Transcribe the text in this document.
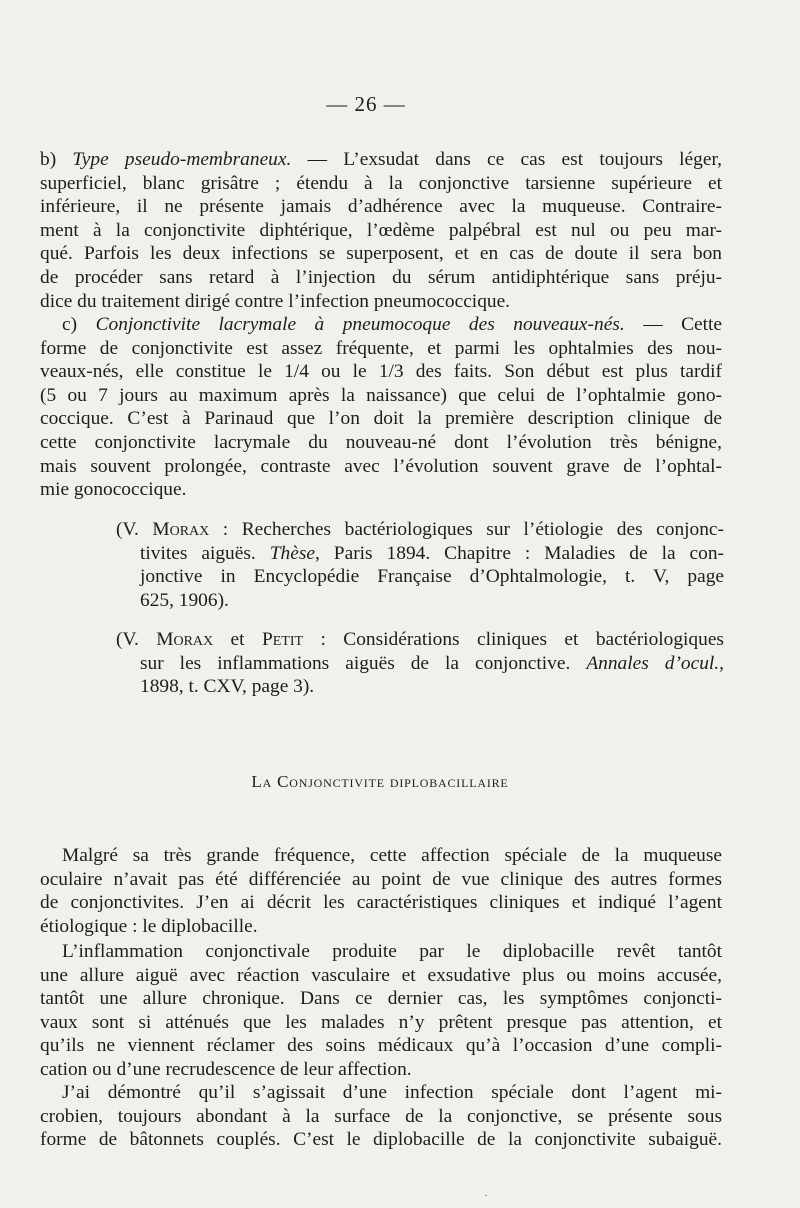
— 26 —
b) Type pseudo-membraneux. — L’exsudat dans ce cas est toujours léger,
superficiel, blanc grisâtre ; étendu à la conjonctive tarsienne supérieure et
inférieure, il ne présente jamais d’adhérence avec la muqueuse. Contraire-
ment à la conjonctivite diphtérique, l’œdème palpébral est nul ou peu mar-
qué. Parfois les deux infections se superposent, et en cas de doute il sera bon
de procéder sans retard à l’injection du sérum antidiphtérique sans préju-
dice du traitement dirigé contre l’infection pneumococcique.
c) Conjonctivite lacrymale à pneumocoque des nouveaux-nés. — Cette
forme de conjonctivite est assez fréquente, et parmi les ophtalmies des nou-
veaux-nés, elle constitue le 1/4 ou le 1/3 des faits. Son début est plus tardif
(5 ou 7 jours au maximum après la naissance) que celui de l’ophtalmie gono-
coccique. C’est à Parinaud que l’on doit la première description clinique de
cette conjonctivite lacrymale du nouveau-né dont l’évolution très bénigne,
mais souvent prolongée, contraste avec l’évolution souvent grave de l’ophtal-
mie gonococcique.
(V. Morax : Recherches bactériologiques sur l’étiologie des conjonc-
tivites aiguës. Thèse, Paris 1894. Chapitre : Maladies de la con-
jonctive in Encyclopédie Française d’Ophtalmologie, t. V, page
625, 1906).
(V. Morax et Petit : Considérations cliniques et bactériologiques
sur les inflammations aiguës de la conjonctive. Annales d’ocul.,
1898, t. CXV, page 3).
La Conjonctivite diplobacillaire
Malgré sa très grande fréquence, cette affection spéciale de la muqueuse
oculaire n’avait pas été différenciée au point de vue clinique des autres formes
de conjonctivites. J’en ai décrit les caractéristiques cliniques et indiqué l’agent
étiologique : le diplobacille.
L’inflammation conjonctivale produite par le diplobacille revêt tantôt
une allure aiguë avec réaction vasculaire et exsudative plus ou moins accusée,
tantôt une allure chronique. Dans ce dernier cas, les symptômes conjoncti-
vaux sont si atténués que les malades n’y prêtent presque pas attention, et
qu’ils ne viennent réclamer des soins médicaux qu’à l’occasion d’une compli-
cation ou d’une recrudescence de leur affection.
J’ai démontré qu’il s’agissait d’une infection spéciale dont l’agent mi-
crobien, toujours abondant à la surface de la conjonctive, se présente sous
forme de bâtonnets couplés. C’est le diplobacille de la conjonctivite subaiguë.
·
